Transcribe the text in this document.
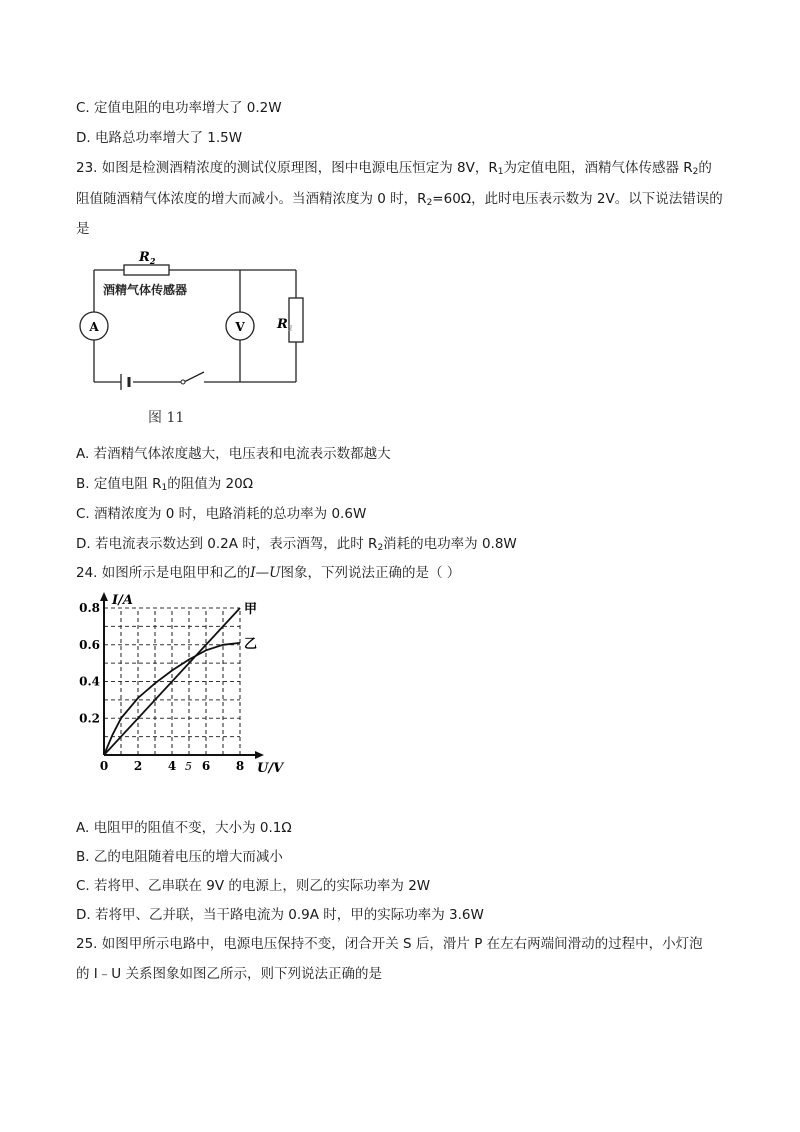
C. 定值电阻的电功率增大了 0.2W
D. 电路总功率增大了 1.5W
23. 如图是检测酒精浓度的测试仪原理图，图中电源电压恒定为 8V，$R_1$为定值电阻，酒精气体传感器 $R_2$的
阻值随酒精气体浓度的增大而减小。当酒精浓度为 0 时，$R_2=60\Omega$，此时电压表示数为 2V。以下说法错误的
是
$R_2$
酒精气体传感器
A	V $R_1$
图 11
A. 若酒精气体浓度越大，电压表和电流表示数都越大
B. 定值电阻 $R_1$的阻值为 20Ω
C. 酒精浓度为 0 时，电路消耗的总功率为 0.6W
D. 若电流表示数达到 0.2A 时，表示酒驾，此时 $R_2$消耗的电功率为 0.8W
24. 如图所示是电阻甲和乙的I—U图象，下列说法正确的是（ ）
0 2 4 6 8
0.2
0.4
0.6
0.8	甲
乙
I/A
U/V
5
A. 电阻甲的阻值不变，大小为 0.1Ω
B. 乙的电阻随着电压的增大而减小
C. 若将甲、乙串联在 9V 的电源上，则乙的实际功率为 2W
D. 若将甲、乙并联，当干路电流为 0.9A 时，甲的实际功率为 3.6W
25. 如图甲所示电路中，电源电压保持不变，闭合开关 S 后，滑片 P 在左右两端间滑动的过程中，小灯泡
的 I﹣U 关系图象如图乙所示，则下列说法正确的是
